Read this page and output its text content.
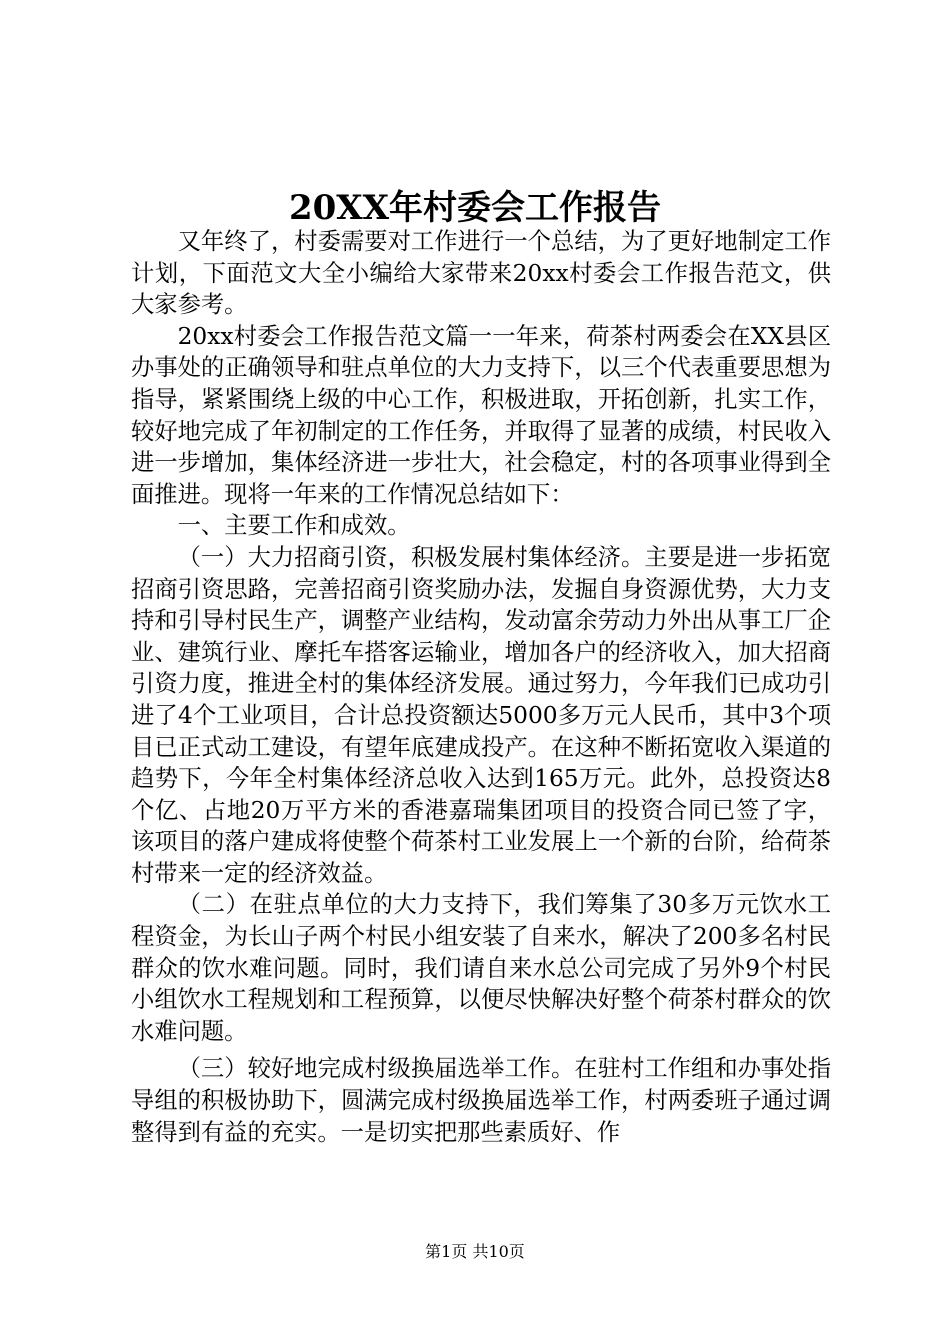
20XX年村委会工作报告

又年终了，村委需要对工作进行一个总结，为了更好地制定工作计划，下面范文大全小编给大家带来20xx村委会工作报告范文，供大家参考。

20xx村委会工作报告范文篇一一年来，荷茶村两委会在XX县区办事处的正确领导和驻点单位的大力支持下，以三个代表重要思想为指导，紧紧围绕上级的中心工作，积极进取，开拓创新，扎实工作，较好地完成了年初制定的工作任务，并取得了显著的成绩，村民收入进一步增加，集体经济进一步壮大，社会稳定，村的各项事业得到全面推进。现将一年来的工作情况总结如下：

一、主要工作和成效。

（一）大力招商引资，积极发展村集体经济。主要是进一步拓宽招商引资思路，完善招商引资奖励办法，发掘自身资源优势，大力支持和引导村民生产，调整产业结构，发动富余劳动力外出从事工厂企业、建筑行业、摩托车搭客运输业，增加各户的经济收入，加大招商引资力度，推进全村的集体经济发展。通过努力，今年我们已成功引进了4个工业项目，合计总投资额达5000多万元人民币，其中3个项目已正式动工建设，有望年底建成投产。在这种不断拓宽收入渠道的趋势下，今年全村集体经济总收入达到165万元。此外，总投资达8个亿、占地20万平方米的香港嘉瑞集团项目的投资合同已签了字，该项目的落户建成将使整个荷茶村工业发展上一个新的台阶，给荷茶村带来一定的经济效益。

（二）在驻点单位的大力支持下，我们筹集了30多万元饮水工程资金，为长山子两个村民小组安装了自来水，解决了200多名村民群众的饮水难问题。同时，我们请自来水总公司完成了另外9个村民小组饮水工程规划和工程预算，以便尽快解决好整个荷茶村群众的饮水难问题。

（三）较好地完成村级换届选举工作。在驻村工作组和办事处指导组的积极协助下，圆满完成村级换届选举工作，村两委班子通过调整得到有益的充实。一是切实把那些素质好、作

第1页 共10页
